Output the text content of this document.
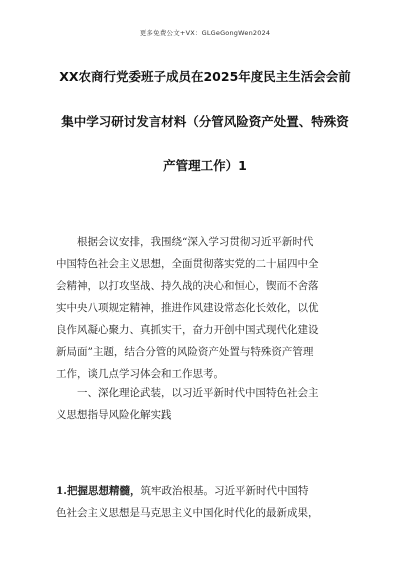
更多免费公文+VX：GLGeGongWen2024
XX农商行党委班子成员在2025年度民主生活会会前
集中学习研讨发言材料（分管风险资产处置、特殊资
产管理工作）1
　　根据会议安排，我围绕“深入学习贯彻习近平新时代
中国特色社会主义思想，全面贯彻落实党的二十届四中全
会精神，以打攻坚战、持久战的决心和恒心，锲而不舍落
实中央八项规定精神，推进作风建设常态化长效化，以优
良作风凝心聚力、真抓实干，奋力开创中国式现代化建设
新局面”主题，结合分管的风险资产处置与特殊资产管理
工作，谈几点学习体会和工作思考。
　　一、深化理论武装，以习近平新时代中国特色社会主
义思想指导风险化解实践
1.把握思想精髓，筑牢政治根基。习近平新时代中国特
色社会主义思想是马克思主义中国化时代化的最新成果，
